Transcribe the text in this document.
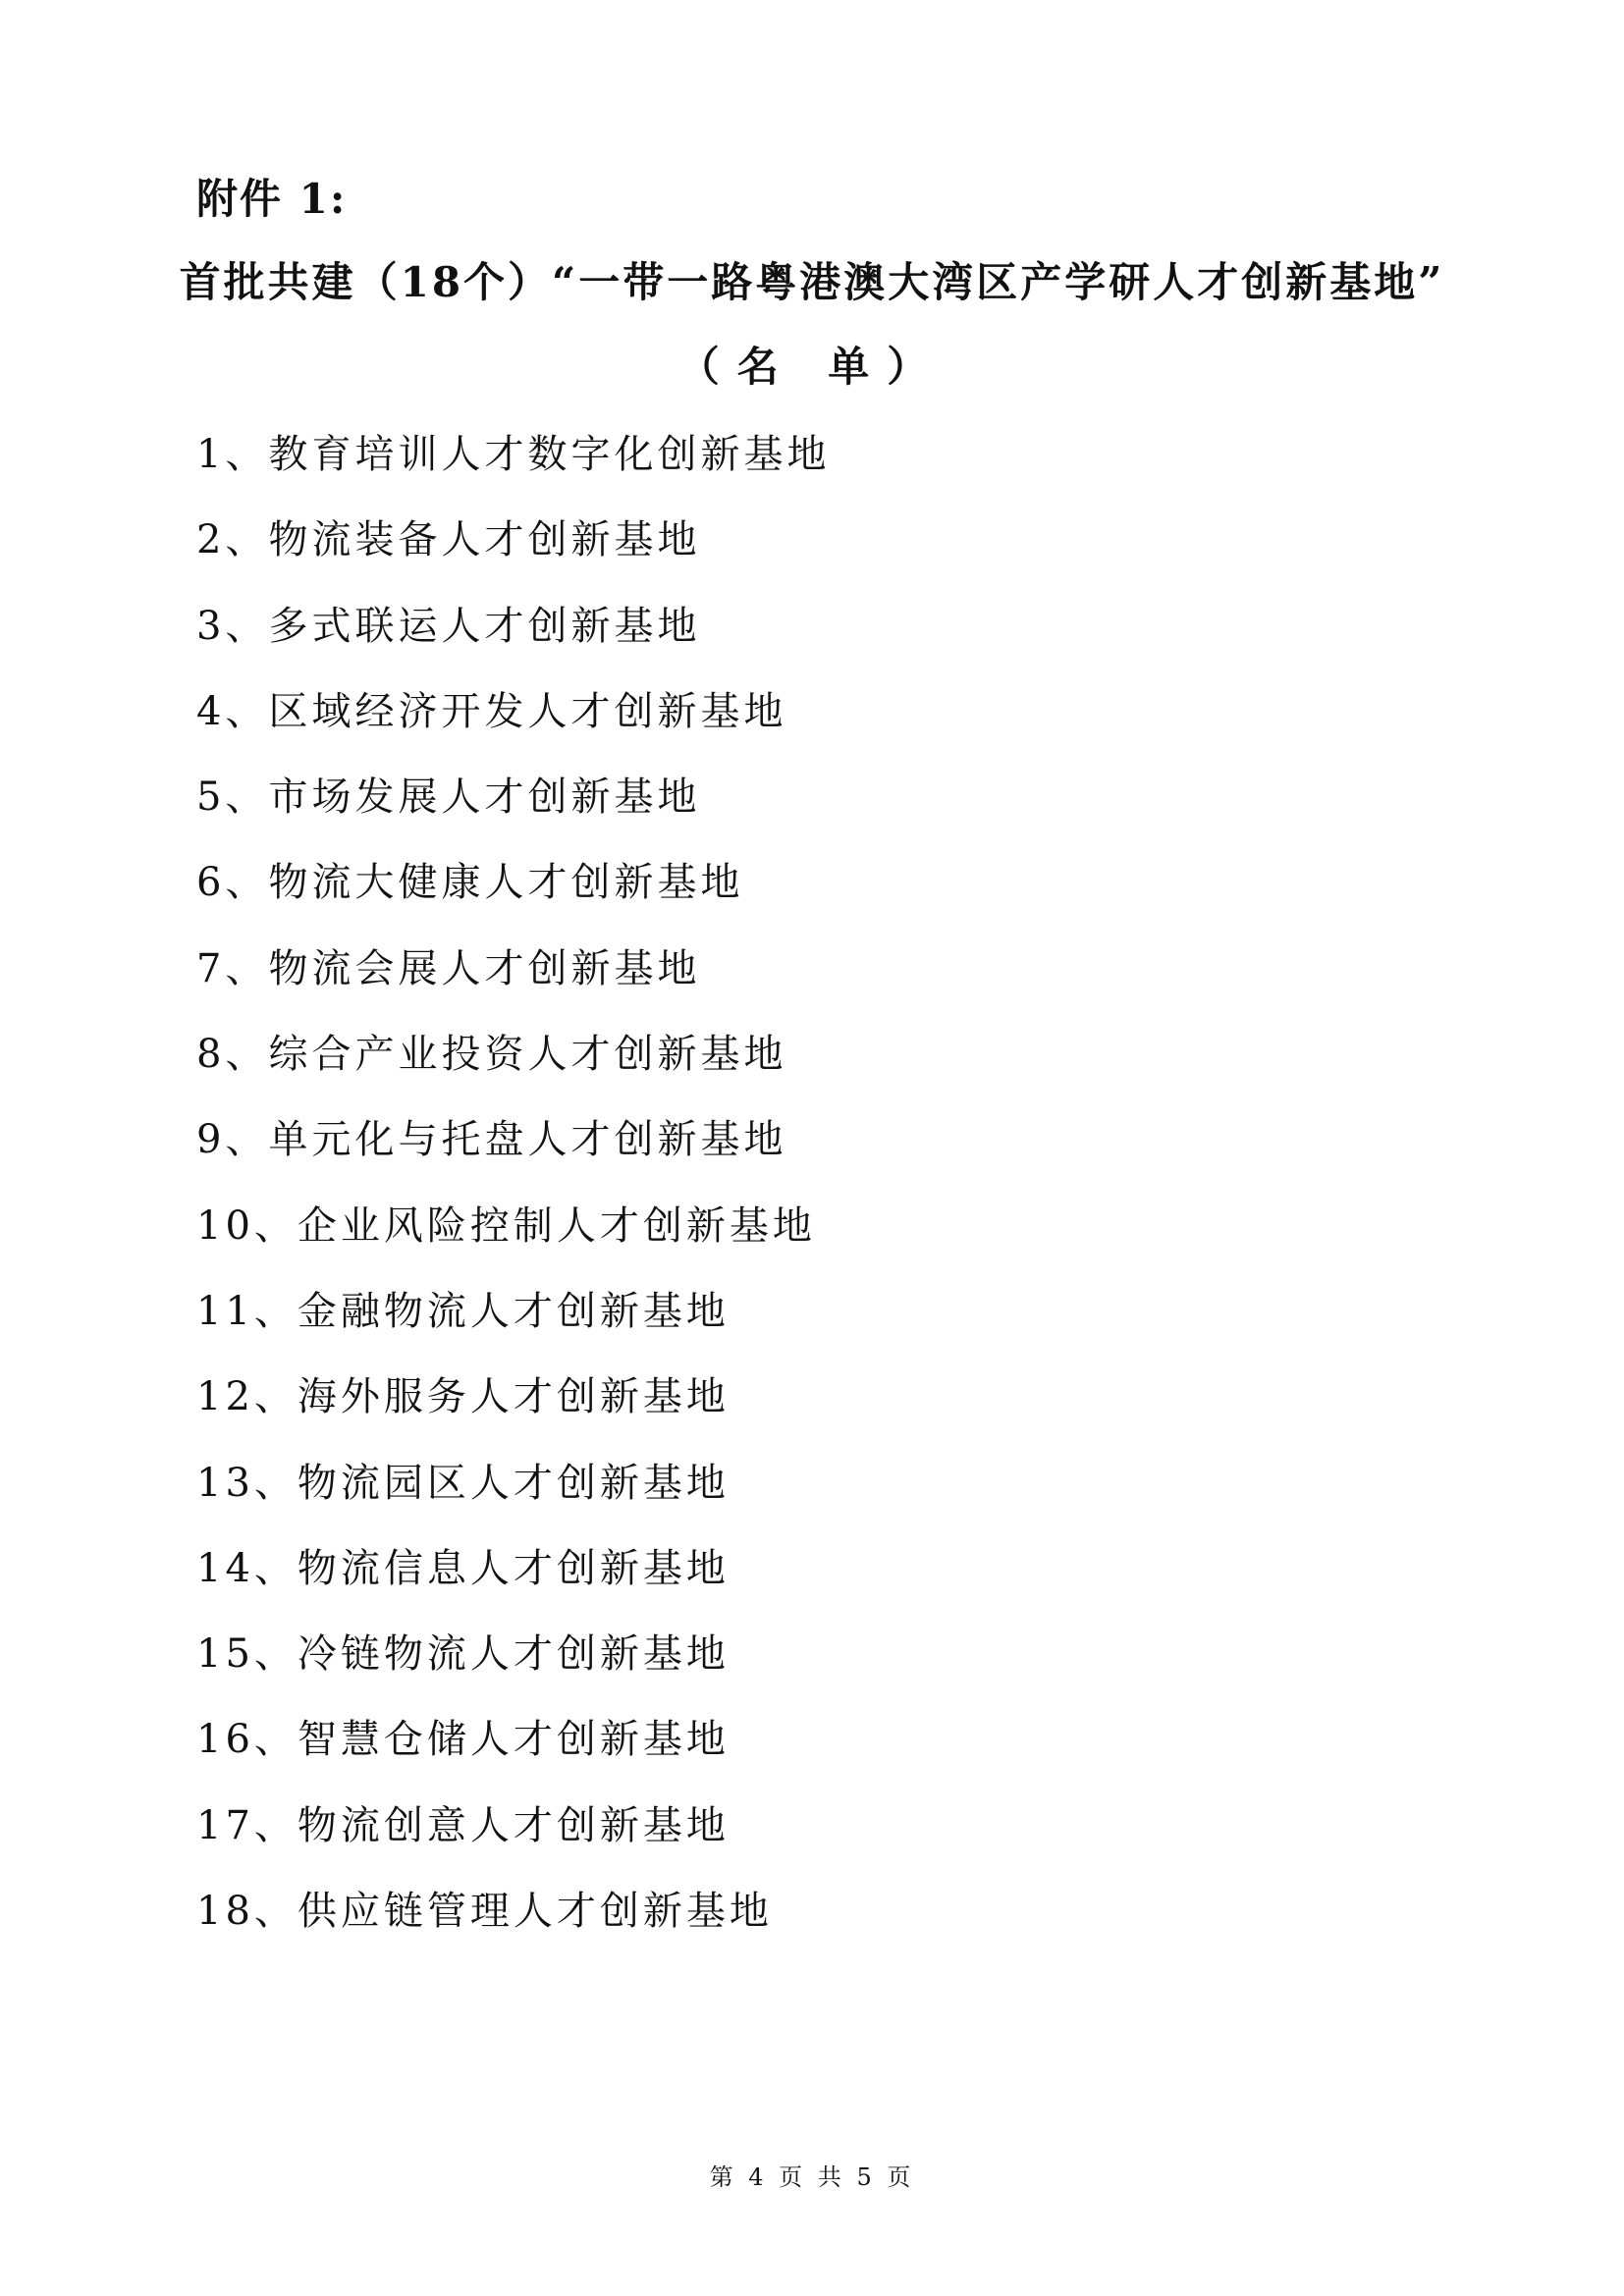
附件 1:
首批共建（18个）“一带一路粤港澳大湾区产学研人才创新基地”
（名 单）
1、教育培训人才数字化创新基地
2、物流装备人才创新基地
3、多式联运人才创新基地
4、区域经济开发人才创新基地
5、市场发展人才创新基地
6、物流大健康人才创新基地
7、物流会展人才创新基地
8、综合产业投资人才创新基地
9、单元化与托盘人才创新基地
10、企业风险控制人才创新基地
11、金融物流人才创新基地
12、海外服务人才创新基地
13、物流园区人才创新基地
14、物流信息人才创新基地
15、冷链物流人才创新基地
16、智慧仓储人才创新基地
17、物流创意人才创新基地
18、供应链管理人才创新基地
第 4 页 共 5 页
